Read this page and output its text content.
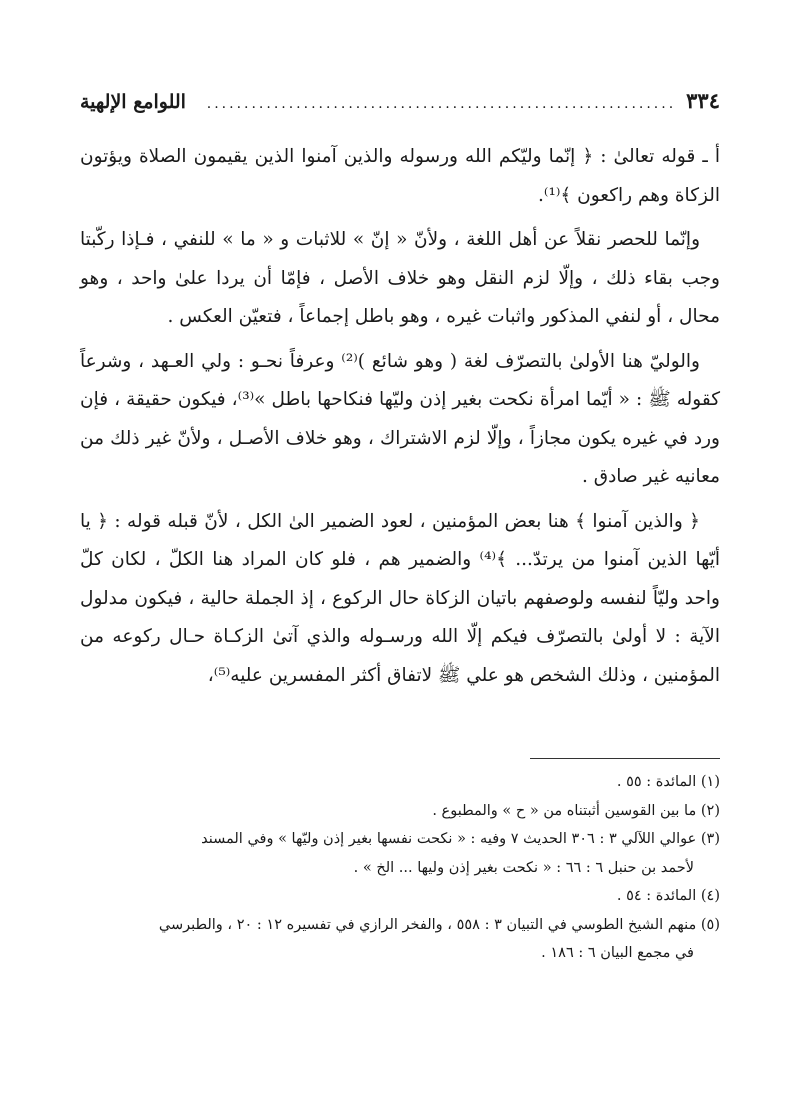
٣٣٤
...............................................................
اللوامع الإلهية

أ ـ قوله تعالىٰ : ﴿ إنّما وليّكم الله ورسوله والذين آمنوا الذين يقيمون الصلاة ويؤتون الزكاة وهم راكعون ﴾⁽¹⁾.

وإنّما للحصر نقلاً عن أهل اللغة ، ولأنّ « إنّ » للاثبات و « ما » للنفي ، فـإذا ركّبتا وجب بقاء ذلك ، وإلّا لزم النقل وهو خلاف الأصل ، فإمّا أن يردا علىٰ واحد ، وهو محال ، أو لنفي المذكور واثبات غيره ، وهو باطل إجماعاً ، فتعيّن العكس .

والوليّ هنا الأولىٰ بالتصرّف لغة ( وهو شائع )⁽²⁾ وعرفاً نحـو : ولي العـهد ، وشرعاً كقوله ﷺ : « أيّما امرأة نكحت بغير إذن وليّها فنكاحها باطل »⁽³⁾، فيكون حقيقة ، فإن ورد في غيره يكون مجازاً ، وإلّا لزم الاشتراك ، وهو خلاف الأصـل ، ولأنّ غير ذلك من معانيه غير صادق .

﴿ والذين آمنوا ﴾ هنا بعض المؤمنين ، لعود الضمير الىٰ الكل ، لأنّ قبله قوله : ﴿ يا أيّها الذين آمنوا من يرتدّ... ﴾⁽⁴⁾ والضمير هم ، فلو كان المراد هنا الكلّ ، لكان كلّ واحد وليّاً لنفسه ولوصفهم باتيان الزكاة حال الركوع ، إذ الجملة حالية ، فيكون مدلول الآية : لا أولىٰ بالتصرّف فيكم إلّا الله ورسـوله والذي آتىٰ الزكـاة حـال ركوعه من المؤمنين ، وذلك الشخص هو علي ﷺ لاتفاق أكثر المفسرين عليه⁽⁵⁾،

(١) المائدة : ٥٥ .
(٢) ما بين القوسين أثبتناه من « ح » والمطبوع .
(٣) عوالي اللآلي ٣ : ٣٠٦ الحديث ٧ وفيه : « نكحت نفسها بغير إذن وليّها » وفي المسند
لأحمد بن حنبل ٦ : ٦٦ : « نكحت بغير إذن وليها ... الخ » .
(٤) المائدة : ٥٤ .
(٥) منهم الشيخ الطوسي في التبيان ٣ : ٥٥٨ ، والفخر الرازي في تفسيره ١٢ : ٢٠ ، والطبرسي
في مجمع البيان ٦ : ١٨٦ .
